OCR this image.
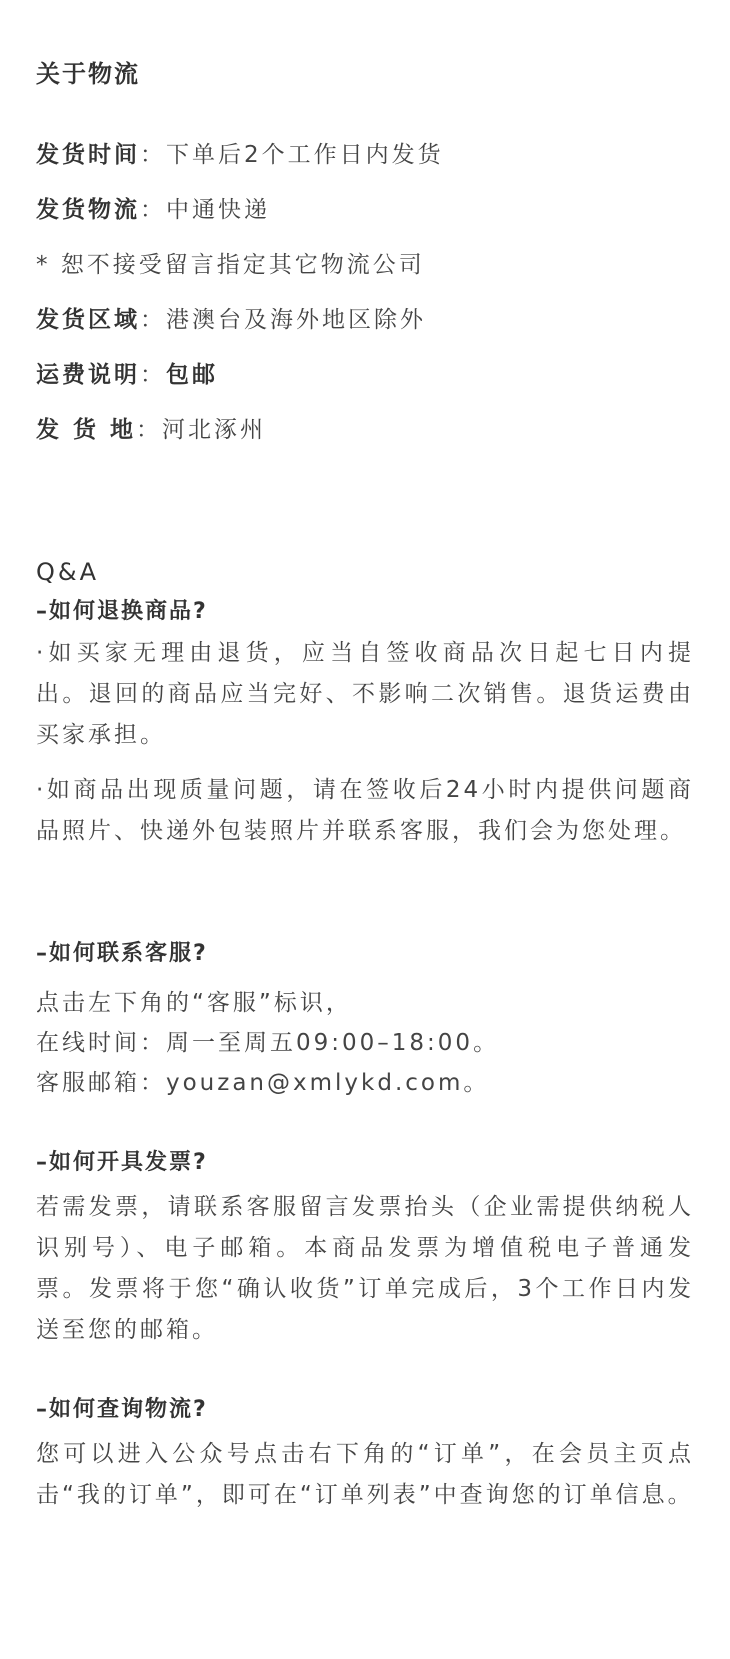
关于物流
发货时间：下单后2个工作日内发货
发货物流：中通快递
* 恕不接受留言指定其它物流公司
发货区域：港澳台及海外地区除外
运费说明：包邮
发 货 地：河北涿州
Q&A
–如何退换商品?
·如买家无理由退货，应当自签收商品次日起七日内提出。退回的商品应当完好、不影响二次销售。退货运费由买家承担。
·如商品出现质量问题，请在签收后24小时内提供问题商品照片、快递外包装照片并联系客服，我们会为您处理。
–如何联系客服?
点击左下角的“客服”标识，
在线时间：周一至周五09:00–18:00。
客服邮箱：youzan@xmlykd.com。
–如何开具发票?
若需发票，请联系客服留言发票抬头（企业需提供纳税人识别号）、电子邮箱。本商品发票为增值税电子普通发票。发票将于您“确认收货”订单完成后，3个工作日内发送至您的邮箱。
–如何查询物流?
您可以进入公众号点击右下角的“订单”，在会员主页点击“我的订单”，即可在“订单列表”中查询您的订单信息。
